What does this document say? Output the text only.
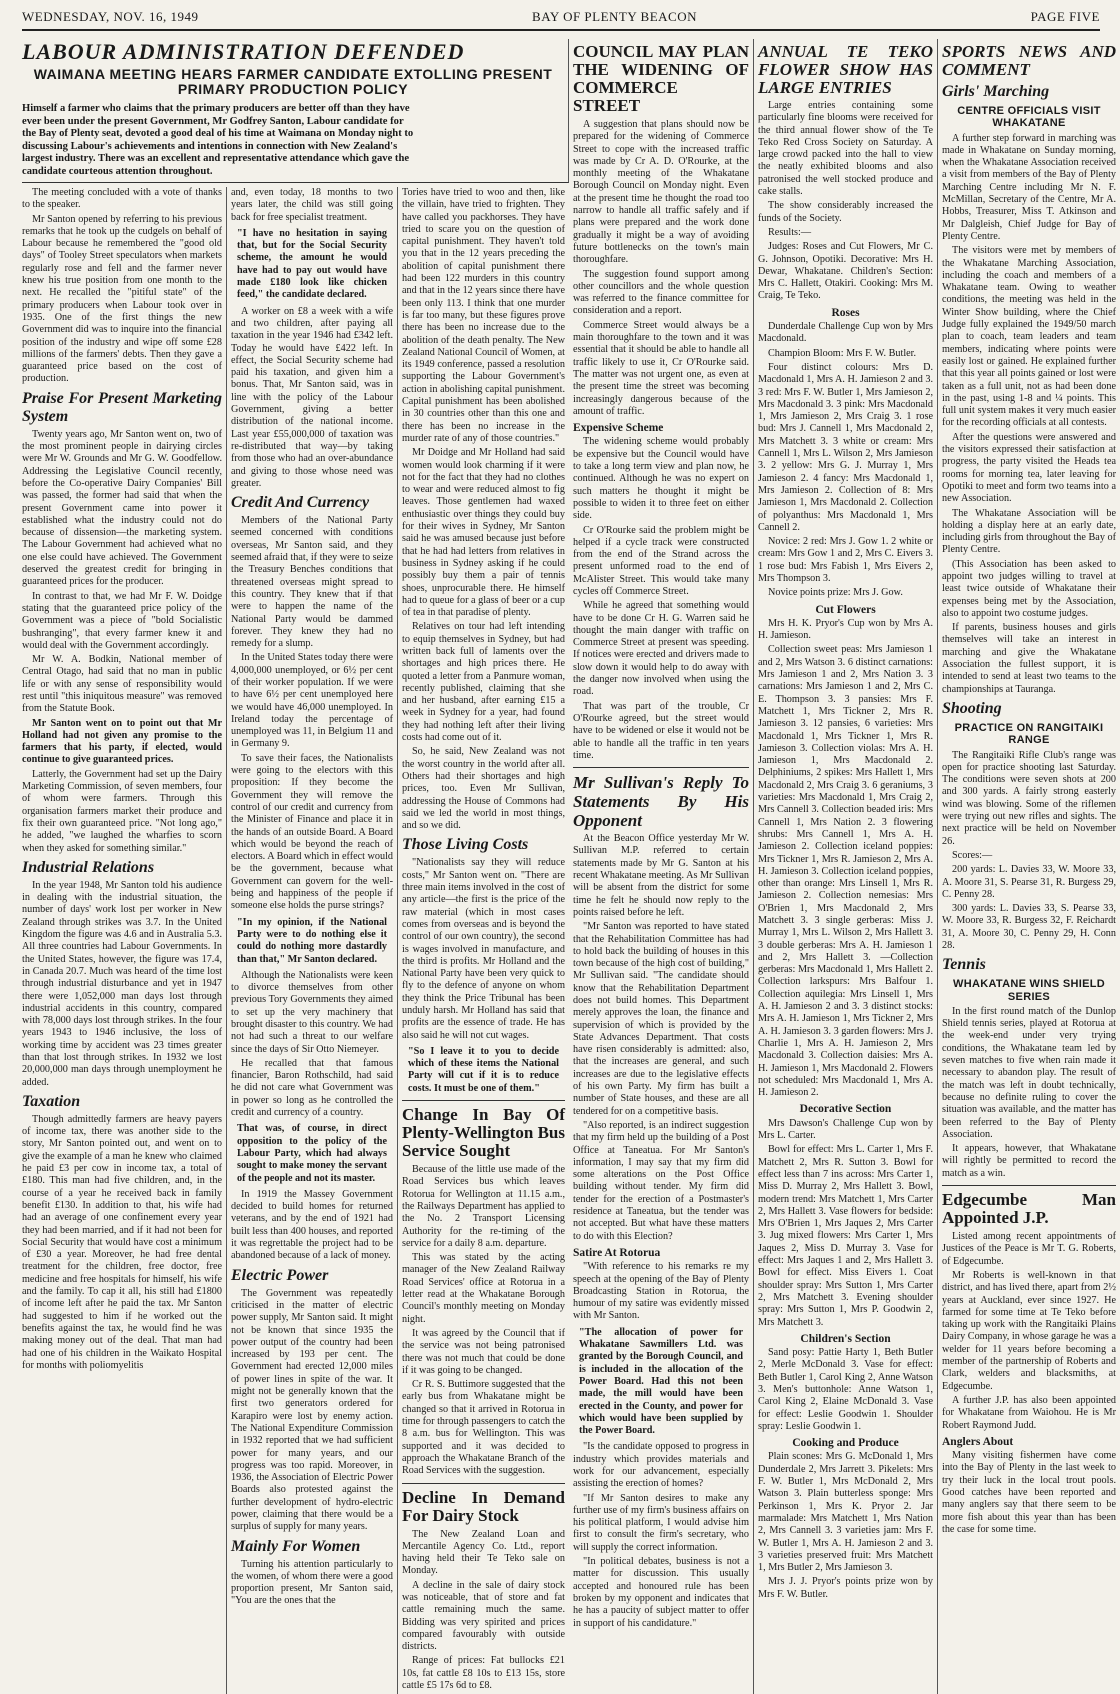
WEDNESDAY, NOV. 16, 1949	BAY OF PLENTY BEACON	PAGE FIVE
LABOUR ADMINISTRATION DEFENDED
WAIMANA MEETING HEARS FARMER CANDIDATE EXTOLLING PRESENT PRIMARY PRODUCTION POLICY
Himself a farmer who claims that the primary producers are better off than they have ever been under the present Government, Mr Godfrey Santon, Labour candidate for the Bay of Plenty seat, devoted a good deal of his time at Waimana on Monday night to discussing Labour's achievements and intentions in connection with New Zealand's largest industry. There was an excellent and representative attendance which gave the candidate courteous attention throughout.

The meeting concluded with a vote of thanks to the speaker.

Mr Santon opened by referring to his previous remarks that he took up the cudgels on behalf of Labour because he remembered the "good old days" of Tooley Street speculators when markets regularly rose and fell and the farmer never knew his true position from one month to the next. He recalled the "pitiful state" of the primary producers when Labour took over in 1935. One of the first things the new Government did was to inquire into the financial position of the industry and wipe off some £28 millions of the farmers' debts. Then they gave a guaranteed price based on the cost of production.

Praise For Present Marketing System

Twenty years ago, Mr Santon went on, two of the most prominent people in dairying circles were Mr W. Grounds and Mr G. W. Goodfellow. Addressing the Legislative Council recently, before the Co-operative Dairy Companies' Bill was passed, the former had said that when the present Government came into power it established what the industry could not do because of dissension—the marketing system. The Labour Government had achieved what no one else could have achieved. The Government deserved the greatest credit for bringing in guaranteed prices for the producer.

In contrast to that, we had Mr F. W. Doidge stating that the guaranteed price policy of the Government was a piece of "bold Socialistic bushranging", that every farmer knew it and would deal with the Government accordingly.

Mr W. A. Bodkin, National member of Central Otago, had said that no man in public life or with any sense of responsibility would rest until "this iniquitous measure" was removed from the Statute Book.

Mr Santon went on to point out that Mr Holland had not given any promise to the farmers that his party, if elected, would continue to give guaranteed prices.

Latterly, the Government had set up the Dairy Marketing Commission, of seven members, four of whom were farmers. Through this organisation farmers market their produce and fix their own guaranteed price. "Not long ago," he added, "we laughed the wharfies to scorn when they asked for something similar."

Industrial Relations

In the year 1948, Mr Santon told his audience in dealing with the industrial situation, the number of days' work lost per worker in New Zealand through strikes was 3.7. In the United Kingdom the figure was 4.6 and in Australia 5.3. All three countries had Labour Governments. In the United States, however, the figure was 17.4, in Canada 20.7. Much was heard of the time lost through industrial disturbance and yet in 1947 there were 1,052,000 man days lost through industrial accidents in this country, compared with 78,000 days lost through strikes. In the four years 1943 to 1946 inclusive, the loss of working time by accident was 23 times greater than that lost through strikes. In 1932 we lost 20,000,000 man days through unemployment he added.

Taxation

Though admittedly farmers are heavy payers of income tax, there was another side to the story, Mr Santon pointed out, and went on to give the example of a man he knew who claimed he paid £3 per cow in income tax, a total of £180. This man had five children, and, in the course of a year he received back in family benefit £130. In addition to that, his wife had had an average of one confinement every year they had been married, and if it had not been for Social Security that would have cost a minimum of £30 a year. Moreover, he had free dental treatment for the children, free doctor, free medicine and free hospitals for himself, his wife and the family. To cap it all, his still had £1800 of income left after he paid the tax. Mr Santon had suggested to him if he worked out the benefits against the tax, he would find he was making money out of the deal. That man had had one of his children in the Waikato Hospital for months with poliomyelitis

and, even today, 18 months to two years later, the child was still going back for free specialist treatment.

"I have no hesitation in saying that, but for the Social Security scheme, the amount he would have had to pay out would have made £180 look like chicken feed," the candidate declared.

A worker on £8 a week with a wife and two children, after paying all taxation in the year 1946 had £342 left. Today he would have £422 left. In effect, the Social Security scheme had paid his taxation, and given him a bonus. That, Mr Santon said, was in line with the policy of the Labour Government, giving a better distribution of the national income. Last year £55,000,000 of taxation was re-distributed that way—by taking from those who had an over-abundance and giving to those whose need was greater.

Credit And Currency

Members of the National Party seemed concerned with conditions overseas, Mr Santon said, and they seemed afraid that, if they were to seize the Treasury Benches conditions that threatened overseas might spread to this country. They knew that if that were to happen the name of the National Party would be dammed forever. They knew they had no remedy for a slump.

In the United States today there were 4,000,000 unemployed, or 6½ per cent of their worker population. If we were to have 6½ per cent unemployed here we would have 46,000 unemployed. In Ireland today the percentage of unemployed was 11, in Belgium 11 and in Germany 9.

To save their faces, the Nationalists were going to the electors with this proposition: If they become the Government they will remove the control of our credit and currency from the Minister of Finance and place it in the hands of an outside Board. A Board which would be beyond the reach of electors. A Board which in effect would be the government, because what Government can govern for the well-being and happiness of the people if someone else holds the purse strings?

"In my opinion, if the National Party were to do nothing else it could do nothing more dastardly than that," Mr Santon declared.

Although the Nationalists were keen to divorce themselves from other previous Tory Governments they aimed to set up the very machinery that brought disaster to this country. We had not had such a threat to our welfare since the days of Sir Otto Niemeyer.

He recalled that that famous financier, Baron Rothschild, had said he did not care what Government was in power so long as he controlled the credit and currency of a country.

That was, of course, in direct opposition to the policy of the Labour Party, which had always sought to make money the servant of the people and not its master.

In 1919 the Massey Government decided to build homes for returned veterans, and by the end of 1921 had built less than 400 houses, and reported it was regrettable the project had to be abandoned because of a lack of money.

Electric Power

The Government was repeatedly criticised in the matter of electric power supply, Mr Santon said. It might not be known that since 1935 the power output of the country had been increased by 193 per cent. The Government had erected 12,000 miles of power lines in spite of the war. It might not be generally known that the first two generators ordered for Karapiro were lost by enemy action. The National Expenditure Commission in 1932 reported that we had sufficient power for many years, and our progress was too rapid. Moreover, in 1936, the Association of Electric Power Boards also protested against the further development of hydro-electric power, claiming that there would be a surplus of supply for many years.

Mainly For Women

Turning his attention particularly to the women, of whom there were a good proportion present, Mr Santon said, "You are the ones that the

Tories have tried to woo and then, like the villain, have tried to frighten. They have called you packhorses. They have tried to scare you on the question of capital punishment. They haven't told you that in the 12 years preceding the abolition of capital punishment there had been 122 murders in this country and that in the 12 years since there have been only 113. I think that one murder is far too many, but these figures prove there has been no increase due to the abolition of the death penalty. The New Zealand National Council of Women, at its 1949 conference, passed a resolution supporting the Labour Government's action in abolishing capital punishment. Capital punishment has been abolished in 30 countries other than this one and there has been no increase in the murder rate of any of those countries."

Mr Doidge and Mr Holland had said women would look charming if it were not for the fact that they had no clothes to wear and were reduced almost to fig leaves. Those gentlemen had waxed enthusiastic over things they could buy for their wives in Sydney, Mr Santon said he was amused because just before that he had had letters from relatives in business in Sydney asking if he could possibly buy them a pair of tennis shoes, unprocurable there. He himself had to queue for a glass of beer or a cup of tea in that paradise of plenty.

Relatives on tour had left intending to equip themselves in Sydney, but had written back full of laments over the shortages and high prices there. He quoted a letter from a Panmure woman, recently published, claiming that she and her husband, after earning £15 a week in Sydney for a year, had found they had nothing left after their living costs had come out of it.

So, he said, New Zealand was not the worst country in the world after all. Others had their shortages and high prices, too. Even Mr Sullivan, addressing the House of Commons had said we led the world in most things, and so we did.

Those Living Costs

"Nationalists say they will reduce costs," Mr Santon went on. "There are three main items involved in the cost of any article—the first is the price of the raw material (which in most cases comes from overseas and is beyond the control of our own country), the second is wages involved in manufacture, and the third is profits. Mr Holland and the National Party have been very quick to fly to the defence of anyone on whom they think the Price Tribunal has been unduly harsh. Mr Holland has said that profits are the essence of trade. He has also said he will not cut wages.

"So I leave it to you to decide which of these items the National Party will cut if it is to reduce costs. It must be one of them."

Change In Bay Of Plenty-Wellington Bus Service Sought

Because of the little use made of the Road Services bus which leaves Rotorua for Wellington at 11.15 a.m., the Railways Department has applied to the No. 2 Transport Licensing Authority for the re-timing of the service for a daily 8 a.m. departure.

This was stated by the acting manager of the New Zealand Railway Road Services' office at Rotorua in a letter read at the Whakatane Borough Council's monthly meeting on Monday night.

It was agreed by the Council that if the service was not being patronised there was not much that could be done if it was going to be changed.

Cr R. S. Buttimore suggested that the early bus from Whakatane might be changed so that it arrived in Rotorua in time for through passengers to catch the 8 a.m. bus for Wellington. This was supported and it was decided to approach the Whakatane Branch of the Road Services with the suggestion.

Decline In Demand For Dairy Stock

The New Zealand Loan and Mercantile Agency Co. Ltd., report having held their Te Teko sale on Monday.

A decline in the sale of dairy stock was noticeable, that of store and fat cattle remaining much the same. Bidding was very spirited and prices compared favourably with outside districts.

Range of prices: Fat bullocks £21 10s, fat cattle £8 10s to £13 15s, store cattle £5 17s 6d to £8.

COUNCIL MAY PLAN THE WIDENING OF COMMERCE STREET

A suggestion that plans should now be prepared for the widening of Commerce Street to cope with the increased traffic was made by Cr A. D. O'Rourke, at the monthly meeting of the Whakatane Borough Council on Monday night. Even at the present time he thought the road too narrow to handle all traffic safely and if plans were prepared and the work done gradually it might be a way of avoiding future bottlenecks on the town's main thoroughfare.

The suggestion found support among other councillors and the whole question was referred to the finance committee for consideration and a report.

Commerce Street would always be a main thoroughfare to the town and it was essential that it should be able to handle all traffic likely to use it, Cr O'Rourke said. The matter was not urgent one, as even at the present time the street was becoming increasingly dangerous because of the amount of traffic.

Expensive Scheme

The widening scheme would probably be expensive but the Council would have to take a long term view and plan now, he continued. Although he was no expert on such matters he thought it might be possible to widen it to three feet on either side.

Cr O'Rourke said the problem might be helped if a cycle track were constructed from the end of the Strand across the present unformed road to the end of McAlister Street. This would take many cycles off Commerce Street.

While he agreed that something would have to be done Cr H. G. Warren said he thought the main danger with traffic on Commerce Street at present was speeding. If notices were erected and drivers made to slow down it would help to do away with the danger now involved when using the road.

That was part of the trouble, Cr O'Rourke agreed, but the street would have to be widened or else it would not be able to handle all the traffic in ten years time.

Mr Sullivan's Reply To Statements By His Opponent

At the Beacon Office yesterday Mr W. Sullivan M.P. referred to certain statements made by Mr G. Santon at his recent Whakatane meeting. As Mr Sullivan will be absent from the district for some time he felt he should now reply to the points raised before he left.

"Mr Santon was reported to have stated that the Rehabilitation Committee has had to hold back the building of houses in this town because of the high cost of building," Mr Sullivan said. "The candidate should know that the Rehabilitation Department does not build homes. This Department merely approves the loan, the finance and supervision of which is provided by the State Advances Department. That costs have risen considerably is admitted: also, that the increases are general, and such increases are due to the legislative effects of his own Party. My firm has built a number of State houses, and these are all tendered for on a competitive basis.

"Also reported, is an indirect suggestion that my firm held up the building of a Post Office at Taneatua. For Mr Santon's information, I may say that my firm did some alterations on the Post Office building without tender. My firm did tender for the erection of a Postmaster's residence at Taneatua, but the tender was not accepted. But what have these matters to do with this Election?

Satire At Rotorua

"With reference to his remarks re my speech at the opening of the Bay of Plenty Broadcasting Station in Rotorua, the humour of my satire was evidently missed with Mr Santon.

"The allocation of power for Whakatane Sawmillers Ltd. was granted by the Borough Council, and is included in the allocation of the Power Board. Had this not been made, the mill would have been erected in the County, and power for which would have been supplied by the Power Board.

"Is the candidate opposed to progress in industry which provides materials and work for our advancement, especially assisting the erection of homes?

"If Mr Santon desires to make any further use of my firm's business affairs on his political platform, I would advise him first to consult the firm's secretary, who will supply the correct information.

"In political debates, business is not a matter for discussion. This usually accepted and honoured rule has been broken by my opponent and indicates that he has a paucity of subject matter to offer in support of his candidature."

ANNUAL TE TEKO FLOWER SHOW HAS LARGE ENTRIES

Large entries containing some particularly fine blooms were received for the third annual flower show of the Te Teko Red Cross Society on Saturday. A large crowd packed into the hall to view the neatly exhibited blooms and also patronised the well stocked produce and cake stalls.

The show considerably increased the funds of the Society.

Results:—

Judges: Roses and Cut Flowers, Mr C. G. Johnson, Opotiki. Decorative: Mrs H. Dewar, Whakatane. Children's Section: Mrs C. Hallett, Otakiri. Cooking: Mrs M. Craig, Te Teko.

Roses

Dunderdale Challenge Cup won by Mrs Macdonald.

Champion Bloom: Mrs F. W. Butler.

Four distinct colours: Mrs D. Macdonald 1, Mrs A. H. Jamieson 2 and 3. 3 red: Mrs F. W. Butler 1, Mrs Jamieson 2, Mrs Macdonald 3. 3 pink: Mrs Macdonald 1, Mrs Jamieson 2, Mrs Craig 3. 1 rose bud: Mrs J. Cannell 1, Mrs Macdonald 2, Mrs Matchett 3. 3 white or cream: Mrs Cannell 1, Mrs L. Wilson 2, Mrs Jamieson 3. 2 yellow: Mrs G. J. Murray 1, Mrs Jamieson 2. 4 fancy: Mrs Macdonald 1, Mrs Jamieson 2. Collection of 8: Mrs Jamieson 1, Mrs Macdonald 2. Collection of polyanthus: Mrs Macdonald 1, Mrs Cannell 2.

Novice: 2 red: Mrs J. Gow 1. 2 white or cream: Mrs Gow 1 and 2, Mrs C. Eivers 3. 1 rose bud: Mrs Fabish 1, Mrs Eivers 2, Mrs Thompson 3.

Novice points prize: Mrs J. Gow.

Cut Flowers

Mrs H. K. Pryor's Cup won by Mrs A. H. Jamieson.

Collection sweet peas: Mrs Jamieson 1 and 2, Mrs Watson 3. 6 distinct carnations: Mrs Jamieson 1 and 2, Mrs Nation 3. 3 carnations: Mrs Jamieson 1 and 2, Mrs C. E. Thompson 3. 3 pansies: Mrs F. Matchett 1, Mrs Tickner 2, Mrs R. Jamieson 3. 12 pansies, 6 varieties: Mrs Macdonald 1, Mrs Tickner 1, Mrs R. Jamieson 3. Collection violas: Mrs A. H. Jamieson 1, Mrs Macdonald 2. Delphiniums, 2 spikes: Mrs Hallett 1, Mrs Macdonald 2, Mrs Craig 3. 6 geraniums, 3 varieties: Mrs Macdonald 1, Mrs Craig 2, Mrs Cannell 3. Collection beaded iris: Mrs Cannell 1, Mrs Nation 2. 3 flowering shrubs: Mrs Cannell 1, Mrs A. H. Jamieson 2. Collection iceland poppies: Mrs Tickner 1, Mrs R. Jamieson 2, Mrs A. H. Jamieson 3. Collection iceland poppies, other than orange: Mrs Linsell 1, Mrs R. Jamieson 2. Collection nemesias: Mrs O'Brien 1, Mrs Macdonald 2, Mrs Matchett 3. 3 single gerberas: Miss J. Murray 1, Mrs L. Wilson 2, Mrs Hallett 3. 3 double gerberas: Mrs A. H. Jamieson 1 and 2, Mrs Hallett 3. —Collection gerberas: Mrs Macdonald 1, Mrs Hallett 2. Collection larkspurs: Mrs Balfour 1. Collection aquilegia: Mrs Linsell 1, Mrs A. H. Jamieson 2 and 3. 3 distinct stocks: Mrs A. H. Jamieson 1, Mrs Tickner 2, Mrs A. H. Jamieson 3. 3 garden flowers: Mrs J. Charlie 1, Mrs A. H. Jamieson 2, Mrs Macdonald 3. Collection daisies: Mrs A. H. Jamieson 1, Mrs Macdonald 2. Flowers not scheduled: Mrs Macdonald 1, Mrs A. H. Jamieson 2.

Decorative Section

Mrs Dawson's Challenge Cup won by Mrs L. Carter.

Bowl for effect: Mrs L. Carter 1, Mrs F. Matchett 2, Mrs R. Sutton 3. Bowl for effect less than 7 ins across: Mrs Carter 1, Miss D. Murray 2, Mrs Hallett 3. Bowl, modern trend: Mrs Matchett 1, Mrs Carter 2, Mrs Hallett 3. Vase flowers for bedside: Mrs O'Brien 1, Mrs Jaques 2, Mrs Carter 3. Jug mixed flowers: Mrs Carter 1, Mrs Jaques 2, Miss D. Murray 3. Vase for effect: Mrs Jaques 1 and 2, Mrs Hallett 3. Bowl for effect. Miss Eivers 1. Coat shoulder spray: Mrs Sutton 1, Mrs Carter 2, Mrs Matchett 3. Evening shoulder spray: Mrs Sutton 1, Mrs P. Goodwin 2, Mrs Matchett 3.

Children's Section

Sand posy: Pattie Harty 1, Beth Butler 2, Merle McDonald 3. Vase for effect: Beth Butler 1, Carol King 2, Anne Watson 3. Men's buttonhole: Anne Watson 1, Carol King 2, Elaine McDonald 3. Vase for effect: Leslie Goodwin 1. Shoulder spray: Leslie Goodwin 1.

Cooking and Produce

Plain scones: Mrs G. McDonald 1, Mrs Dunderdale 2, Mrs Jarrett 3. Pikelets: Mrs F. W. Butler 1, Mrs McDonald 2, Mrs Watson 3. Plain butterless sponge: Mrs Perkinson 1, Mrs K. Pryor 2. Jar marmalade: Mrs Matchett 1, Mrs Nation 2, Mrs Cannell 3. 3 varieties jam: Mrs F. W. Butler 1, Mrs A. H. Jamieson 2 and 3. 3 varieties preserved fruit: Mrs Matchett 1, Mrs Butler 2, Mrs Jamieson 3.

Mrs J. J. Pryor's points prize won by Mrs F. W. Butler.

SPORTS NEWS AND COMMENT
Girls' Marching
CENTRE OFFICIALS VISIT WHAKATANE

A further step forward in marching was made in Whakatane on Sunday morning, when the Whakatane Association received a visit from members of the Bay of Plenty Marching Centre including Mr N. F. McMillan, Secretary of the Centre, Mr A. Hobbs, Treasurer, Miss T. Atkinson and Mr Dalgleish, Chief Judge for Bay of Plenty Centre.

The visitors were met by members of the Whakatane Marching Association, including the coach and members of a Whakatane team. Owing to weather conditions, the meeting was held in the Winter Show building, where the Chief Judge fully explained the 1949/50 march plan to coach, team leaders and team members, indicating where points were easily lost or gained. He explained further that this year all points gained or lost were taken as a full unit, not as had been done in the past, using 1-8 and ¼ points. This full unit system makes it very much easier for the recording officials at all contests.

After the questions were answered and the visitors expressed their satisfaction at progress, the party visited the Heads tea rooms for morning tea, later leaving for Opotiki to meet and form two teams into a new Association.

The Whakatane Association will be holding a display here at an early date, including girls from throughout the Bay of Plenty Centre.

(This Association has been asked to appoint two judges willing to travel at least twice outside of Whakatane their expenses being met by the Association, also to appoint two costume judges.

If parents, business houses and girls themselves will take an interest in marching and give the Whakatane Association the fullest support, it is intended to send at least two teams to the championships at Tauranga.

Shooting
PRACTICE ON RANGITAIKI RANGE

The Rangitaiki Rifle Club's range was open for practice shooting last Saturday. The conditions were seven shots at 200 and 300 yards. A fairly strong easterly wind was blowing. Some of the riflemen were trying out new rifles and sights. The next practice will be held on November 26.

Scores:—

200 yards: L. Davies 33, W. Moore 33, A. Moore 31, S. Pearse 31, R. Burgess 29, C. Penny 28.

300 yards: L. Davies 33, S. Pearse 33, W. Moore 33, R. Burgess 32, F. Reichardt 31, A. Moore 30, C. Penny 29, H. Conn 28.

Tennis
WHAKATANE WINS SHIELD SERIES

In the first round match of the Dunlop Shield tennis series, played at Rotorua at the week-end under very trying conditions, the Whakatane team led by seven matches to five when rain made it necessary to abandon play. The result of the match was left in doubt technically, because no definite ruling to cover the situation was available, and the matter has been referred to the Bay of Plenty Association.

It appears, however, that Whakatane will rightly be permitted to record the match as a win.

Edgecumbe Man Appointed J.P.

Listed among recent appointments of Justices of the Peace is Mr T. G. Roberts, of Edgecumbe.

Mr Roberts is well-known in that district, and has lived there, apart from 2½ years at Auckland, ever since 1927. He farmed for some time at Te Teko before taking up work with the Rangitaiki Plains Dairy Company, in whose garage he was a welder for 11 years before becoming a member of the partnership of Roberts and Clark, welders and blacksmiths, at Edgecumbe.

A further J.P. has also been appointed for Whakatane from Waiohou. He is Mr Robert Raymond Judd.

Anglers About

Many visiting fishermen have come into the Bay of Plenty in the last week to try their luck in the local trout pools. Good catches have been reported and many anglers say that there seem to be more fish about this year than has been the case for some time.
